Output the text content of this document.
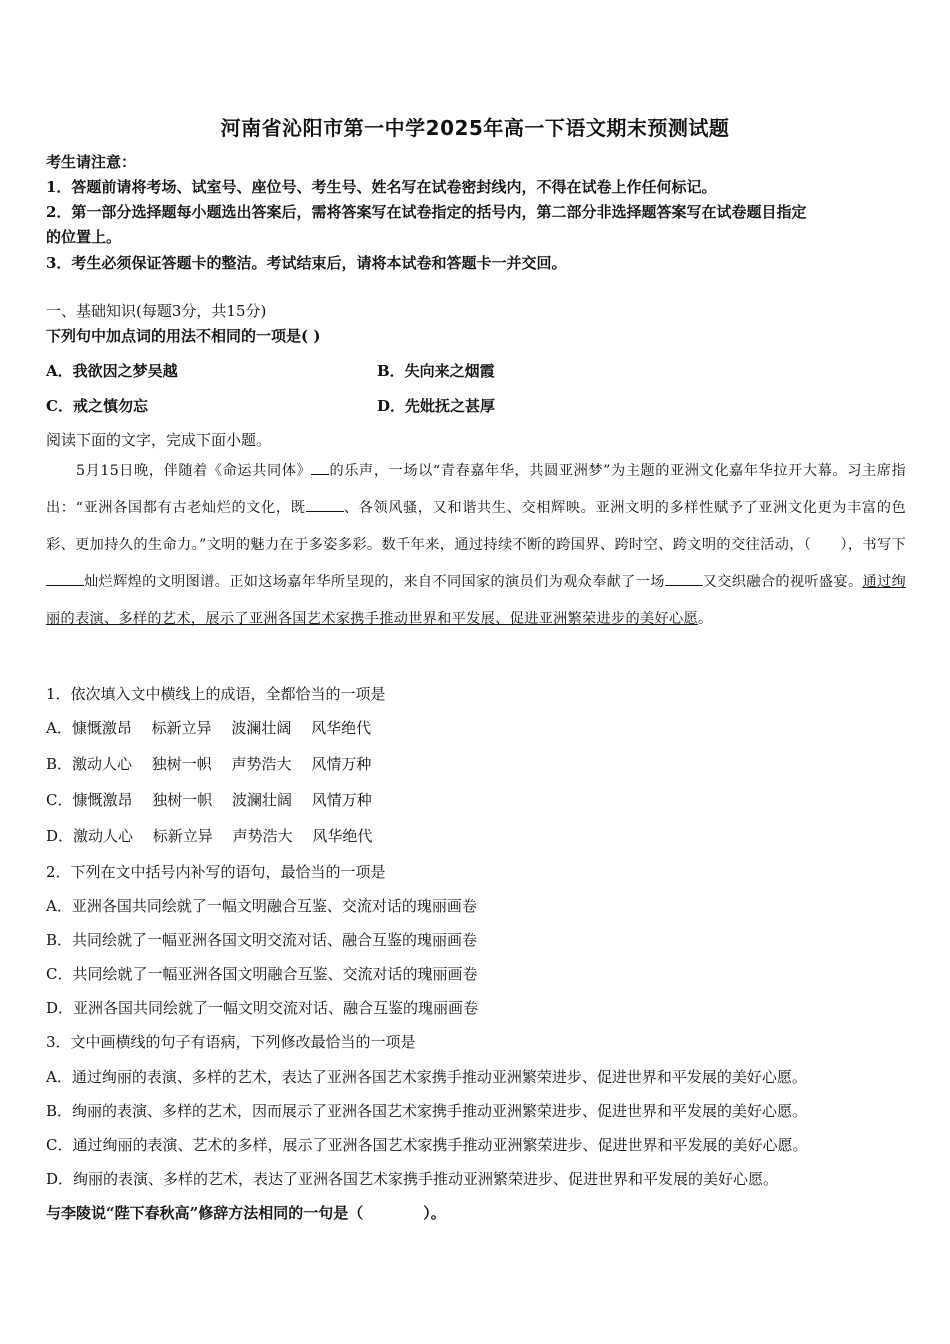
河南省沁阳市第一中学2025年高一下语文期末预测试题
考生请注意：
1．答题前请将考场、试室号、座位号、考生号、姓名写在试卷密封线内，不得在试卷上作任何标记。
2．第一部分选择题每小题选出答案后，需将答案写在试卷指定的括号内，第二部分非选择题答案写在试卷题目指定
的位置上。
3．考生必须保证答题卡的整洁。考试结束后，请将本试卷和答题卡一并交回。
一、基础知识(每题3分，共15分)
下列句中加点词的用法不相同的一项是( )
A．我欲因之梦吴越	B．失向来之烟霞
C．戒之慎勿忘	D．先妣抚之甚厚
阅读下面的文字，完成下面小题。
5月15日晚，伴随着《命运共同体》 的乐声，一场以“青春嘉年华，共圆亚洲梦”为主题的亚洲文化嘉年华拉开大幕。习主席指出：“亚洲各国都有古老灿烂的文化，既	、各领风骚，又和谐共生、交相辉映。亚洲文明的多样性赋予了亚洲文化更为丰富的色彩、更加持久的生命力。”文明的魅力在于多姿多彩。数千年来，通过持续不断的跨国界、跨时空、跨文明的交往活动，（　　），书写下灿烂辉煌的文明图谱。正如这场嘉年华所呈现的，来自不同国家的演员们为观众奉献了一场	又交织融合的视听盛宴。通过绚丽的表演、多样的艺术，展示了亚洲各国艺术家携手推动世界和平发展、促进亚洲繁荣进步的美好心愿。
1．依次填入文中横线上的成语，全都恰当的一项是
A．慷慨激昂　 标新立异　 波澜壮阔　 风华绝代
B．激动人心　 独树一帜　 声势浩大　 风情万种
C．慷慨激昂　 独树一帜　 波澜壮阔　 风情万种
D．激动人心　 标新立异　 声势浩大　 风华绝代
2．下列在文中括号内补写的语句，最恰当的一项是
A．亚洲各国共同绘就了一幅文明融合互鉴、交流对话的瑰丽画卷
B．共同绘就了一幅亚洲各国文明交流对话、融合互鉴的瑰丽画卷
C．共同绘就了一幅亚洲各国文明融合互鉴、交流对话的瑰丽画卷
D．亚洲各国共同绘就了一幅文明交流对话、融合互鉴的瑰丽画卷
3．文中画横线的句子有语病，下列修改最恰当的一项是
A．通过绚丽的表演、多样的艺术，表达了亚洲各国艺术家携手推动亚洲繁荣进步、促进世界和平发展的美好心愿。
B．绚丽的表演、多样的艺术，因而展示了亚洲各国艺术家携手推动亚洲繁荣进步、促进世界和平发展的美好心愿。
C．通过绚丽的表演、艺术的多样，展示了亚洲各国艺术家携手推动亚洲繁荣进步、促进世界和平发展的美好心愿。
D．绚丽的表演、多样的艺术，表达了亚洲各国艺术家携手推动亚洲繁荣进步、促进世界和平发展的美好心愿。
与李陵说“陛下春秋高”修辞方法相同的一句是（　　　　）。
